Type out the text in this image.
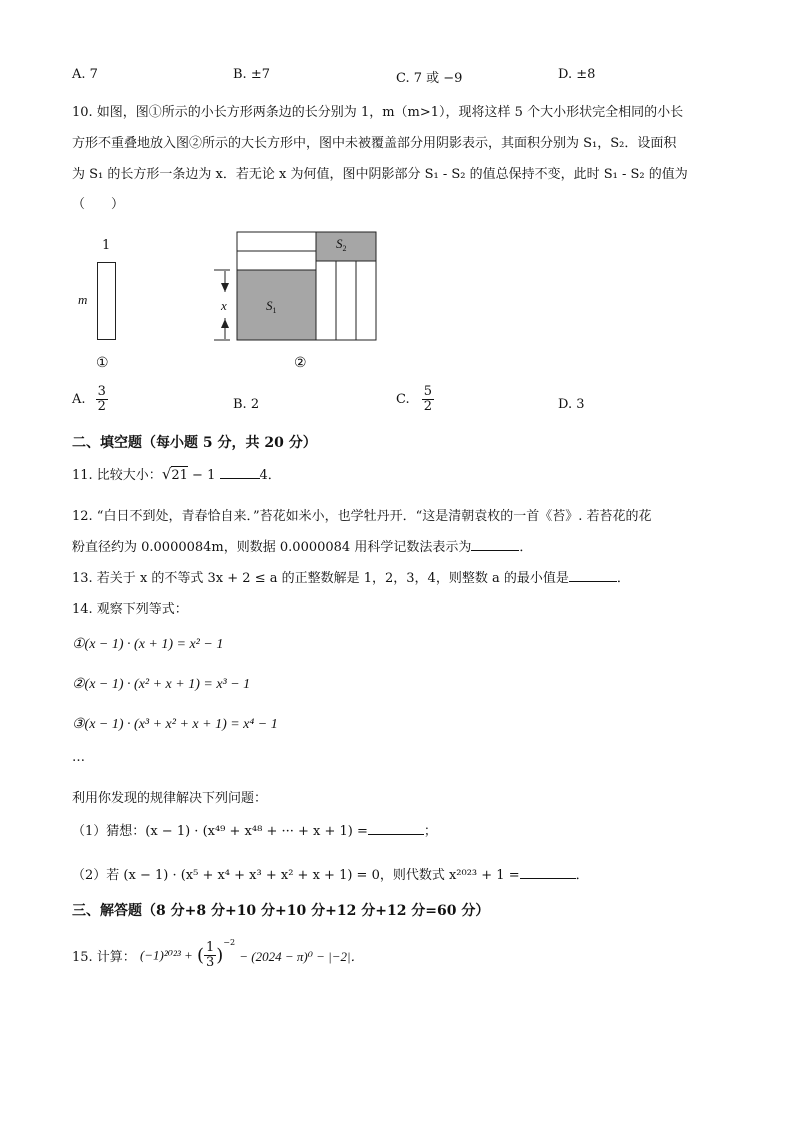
A. 7	B. ±7	C. 7 或 −9	D. ±8
10. 如图，图①所示的小长方形两条边的长分别为 1，m（m>1），现将这样 5 个大小形状完全相同的小长
方形不重叠地放入图②所示的大长方形中，图中未被覆盖部分用阴影表示，其面积分别为 S₁，S₂．设面积
为 S₁ 的长方形一条边为 x．若无论 x 为何值，图中阴影部分 S₁ - S₂ 的值总保持不变，此时 S₁ - S₂ 的值为
（　　）
1
m
①
x	$S_1$
$S_2$
②
A. $\frac{3}{2}$	B. 2	C. $\frac{5}{2}$	D. 3
二、填空题（每小题 5 分，共 20 分）
11. 比较大小：√21 − 1	4．
12. “白日不到处，青春恰自来．”苔花如米小，也学牡丹开．“这是清朝袁枚的一首《苔》. 若苔花的花
粉直径约为 0.0000084m，则数据 0.0000084 用科学记数法表示为	．
13. 若关于 x 的不等式 3x + 2 ≤ a 的正整数解是 1，2，3，4，则整数 a 的最小值是	．
14. 观察下列等式：
①(x − 1) · (x + 1) = x² − 1
②(x − 1) · (x² + x + 1) = x³ − 1
③(x − 1) · (x³ + x² + x + 1) = x⁴ − 1
…
利用你发现的规律解决下列问题：
（1）猜想：(x − 1) · (x⁴⁹ + x⁴⁸ + ··· + x + 1) =	；
（2）若 (x − 1) · (x⁵ + x⁴ + x³ + x² + x + 1) = 0，则代数式 x²⁰²³ + 1 =	．
三、解答题（8 分+8 分+10 分+10 分+12 分+12 分=60 分）
15. 计算： (−1)²⁰²³ + ( $\frac{1}{3} )^{-2} - (2024 - \pi)^0 - |-2|$．
